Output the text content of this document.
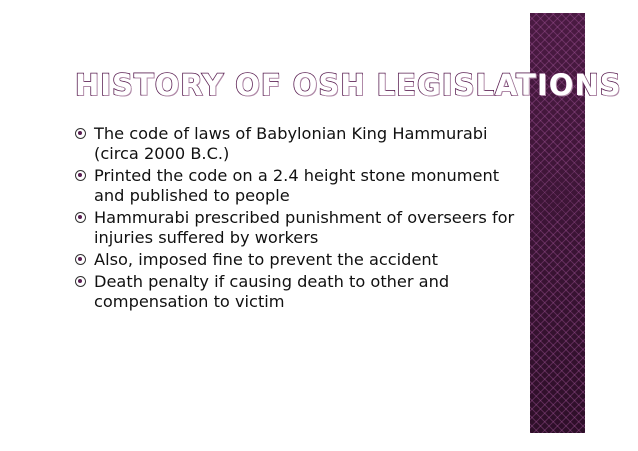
HISTORY OF OSH LEGISLATIONS
The code of laws of Babylonian King Hammurabi (circa 2000 B.C.)
Printed the code on a 2.4 height stone monument and published to people
Hammurabi prescribed punishment of overseers for injuries suffered by workers
Also, imposed fine to prevent the accident
Death penalty if causing death to other and compensation to victim
